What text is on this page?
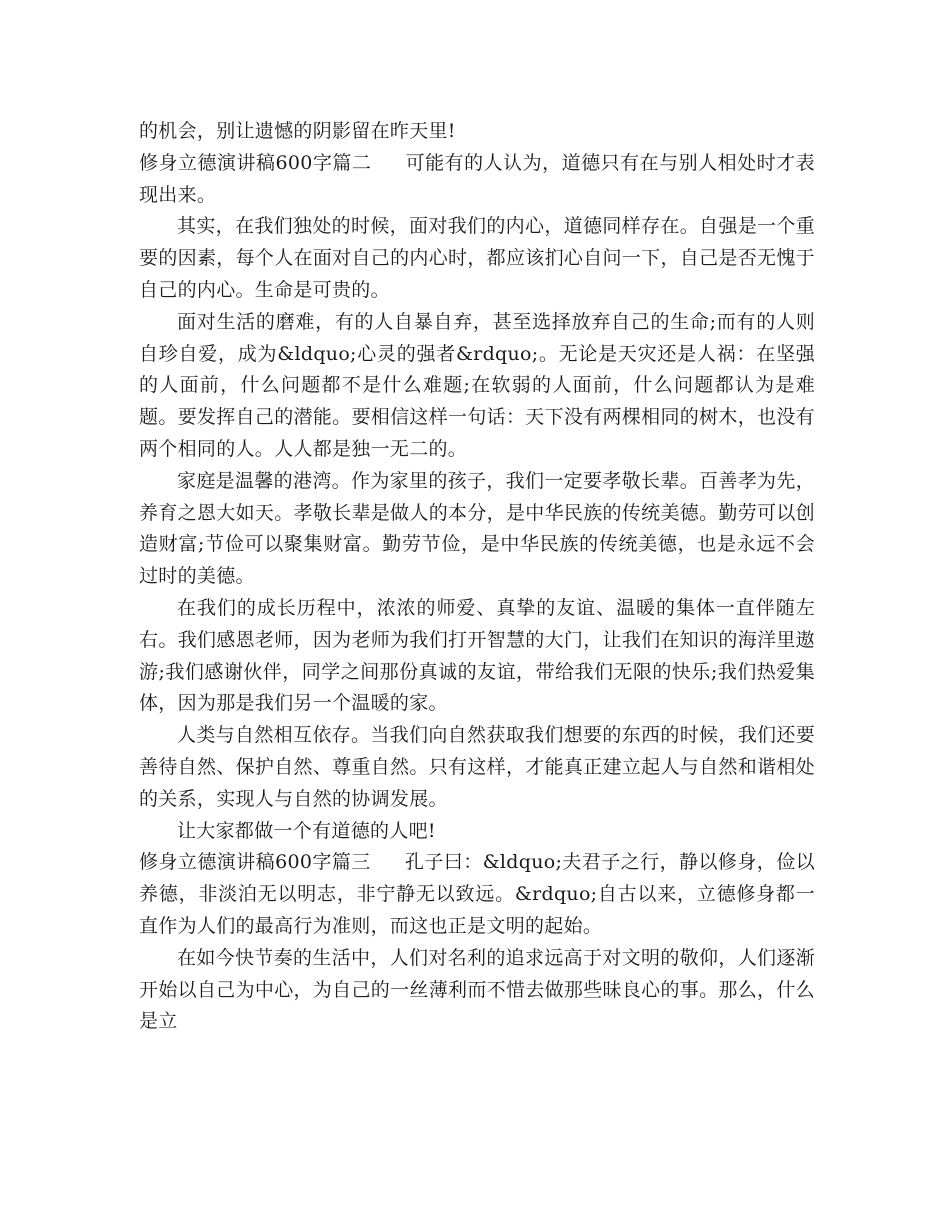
的机会，别让遗憾的阴影留在昨天里!

修身立德演讲稿600字篇二 可能有的人认为，道德只有在与别人相处时才表现出来。

其实，在我们独处的时候，面对我们的内心，道德同样存在。自强是一个重要的因素，每个人在面对自己的内心时，都应该扪心自问一下，自己是否无愧于自己的内心。生命是可贵的。

面对生活的磨难，有的人自暴自弃，甚至选择放弃自己的生命;而有的人则自珍自爱，成为&ldquo;心灵的强者&rdquo;。无论是天灾还是人祸：在坚强的人面前，什么问题都不是什么难题;在软弱的人面前，什么问题都认为是难题。要发挥自己的潜能。要相信这样一句话：天下没有两棵相同的树木，也没有两个相同的人。人人都是独一无二的。

家庭是温馨的港湾。作为家里的孩子，我们一定要孝敬长辈。百善孝为先，养育之恩大如天。孝敬长辈是做人的本分，是中华民族的传统美德。勤劳可以创造财富;节俭可以聚集财富。勤劳节俭，是中华民族的传统美德，也是永远不会过时的美德。

在我们的成长历程中，浓浓的师爱、真挚的友谊、温暖的集体一直伴随左右。我们感恩老师，因为老师为我们打开智慧的大门，让我们在知识的海洋里遨游;我们感谢伙伴，同学之间那份真诚的友谊，带给我们无限的快乐;我们热爱集体，因为那是我们另一个温暖的家。

人类与自然相互依存。当我们向自然获取我们想要的东西的时候，我们还要善待自然、保护自然、尊重自然。只有这样，才能真正建立起人与自然和谐相处的关系，实现人与自然的协调发展。

让大家都做一个有道德的人吧!

修身立德演讲稿600字篇三 孔子曰：&ldquo;夫君子之行，静以修身，俭以养德，非淡泊无以明志，非宁静无以致远。&rdquo;自古以来，立德修身都一直作为人们的最高行为准则，而这也正是文明的起始。

在如今快节奏的生活中，人们对名利的追求远高于对文明的敬仰，人们逐渐开始以自己为中心，为自己的一丝薄利而不惜去做那些昧良心的事。那么，什么是立
